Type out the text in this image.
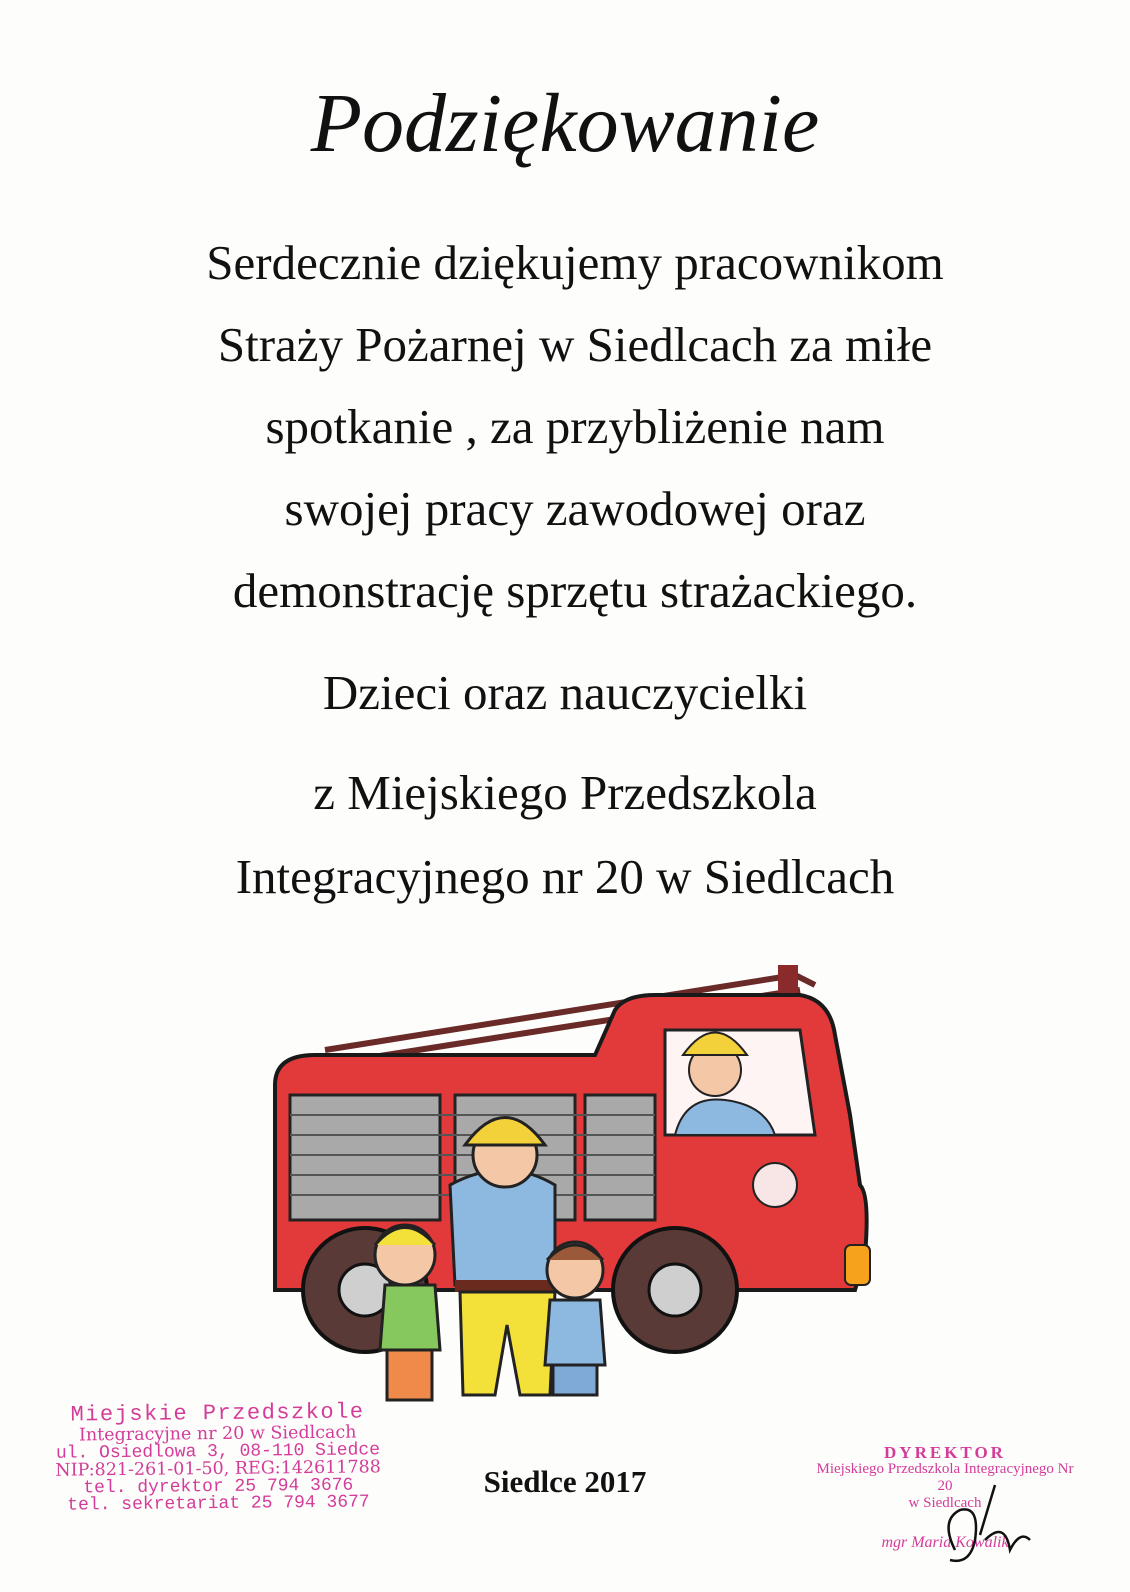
Podziękowanie
Serdecznie dziękujemy pracownikom
Straży Pożarnej w Siedlcach za miłe
spotkanie , za przybliżenie nam
swojej pracy zawodowej oraz
demonstrację sprzętu strażackiego.
Dzieci oraz nauczycielki
z Miejskiego Przedszkola
Integracyjnego nr 20 w Siedlcach
Miejskie Przedszkole
Integracyjne nr 20 w Siedlcach
ul. Osiedlowa 3, 08-110 Siedce
NIP:821-261-01-50, REG:142611788
tel. dyrektor 25 794 3676
tel. sekretariat 25 794 3677
Siedlce 2017
DYREKTOR
Miejskiego Przedszkola Integracyjnego Nr 20
w Siedlcach
mgr Maria Kowalik
